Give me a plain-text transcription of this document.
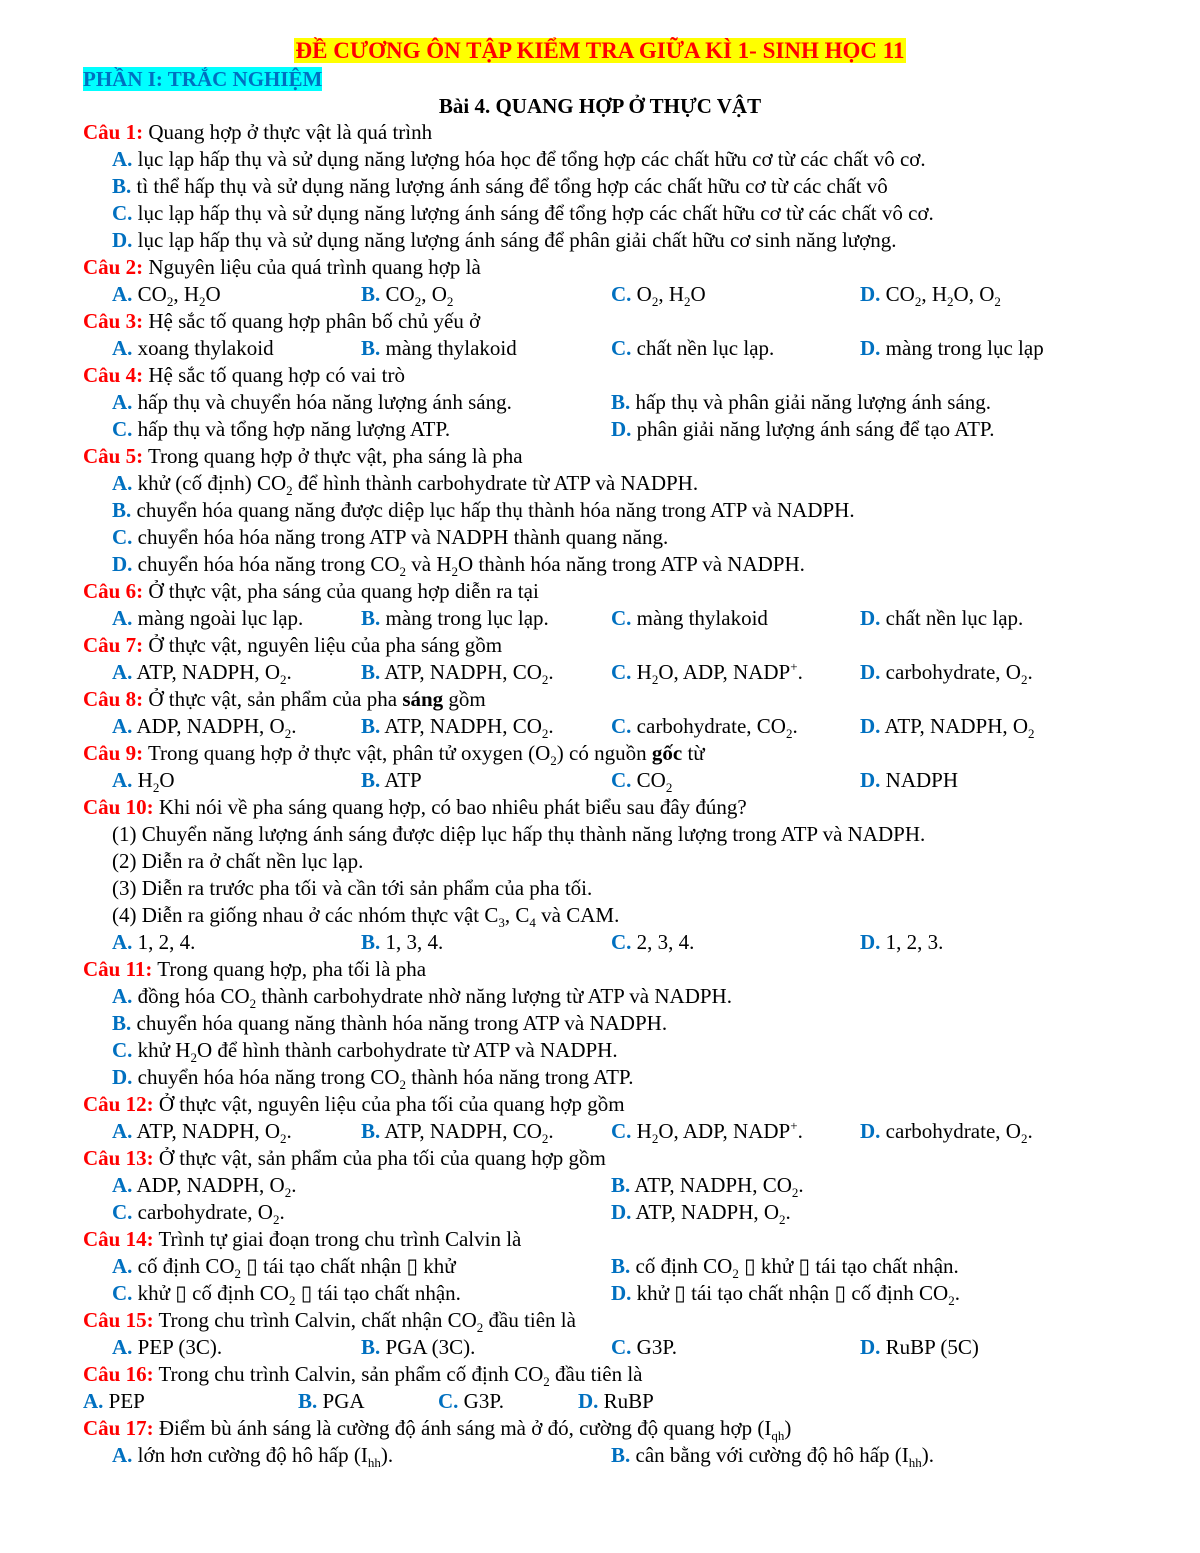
ĐỀ CƯƠNG ÔN TẬP KIỂM TRA GIỮA KÌ 1- SINH HỌC 11
PHẦN I: TRẮC NGHIỆM
Bài 4. QUANG HỢP Ở THỰC VẬT
Câu 1: Quang hợp ở thực vật là quá trình
A. lục lạp hấp thụ và sử dụng năng lượng hóa học để tổng hợp các chất hữu cơ từ các chất vô cơ.
B. tì thể hấp thụ và sử dụng năng lượng ánh sáng để tổng hợp các chất hữu cơ từ các chất vô
C. lục lạp hấp thụ và sử dụng năng lượng ánh sáng để tổng hợp các chất hữu cơ từ các chất vô cơ.
D. lục lạp hấp thụ và sử dụng năng lượng ánh sáng để phân giải chất hữu cơ sinh năng lượng.
Câu 2: Nguyên liệu của quá trình quang hợp là
A. $CO_2$, $H_2O$	B. $CO_2$, $O_2$	C. $O_2$, $H_2O$	D. $CO_2$, $H_2O$, $O_2$
Câu 3: Hệ sắc tố quang hợp phân bố chủ yếu ở
A. xoang thylakoid	B. màng thylakoid	C. chất nền lục lạp.	D. màng trong lục lạp
Câu 4: Hệ sắc tố quang hợp có vai trò
A. hấp thụ và chuyển hóa năng lượng ánh sáng.	B. hấp thụ và phân giải năng lượng ánh sáng.
C. hấp thụ và tổng hợp năng lượng ATP.	D. phân giải năng lượng ánh sáng để tạo ATP.
Câu 5: Trong quang hợp ở thực vật, pha sáng là pha
A. khử (cố định) $CO_2$ để hình thành carbohydrate từ ATP và NADPH.
B. chuyển hóa quang năng được diệp lục hấp thụ thành hóa năng trong ATP và NADPH.
C. chuyển hóa hóa năng trong ATP và NADPH thành quang năng.
D. chuyển hóa hóa năng trong $CO_2$ và $H_2O$ thành hóa năng trong ATP và NADPH.
Câu 6: Ở thực vật, pha sáng của quang hợp diễn ra tại
A. màng ngoài lục lạp.	B. màng trong lục lạp.	C. màng thylakoid	D. chất nền lục lạp.
Câu 7: Ở thực vật, nguyên liệu của pha sáng gồm
A. ATP, NADPH, $O_2$.	B. ATP, NADPH, $CO_2$.	C. $H_2O$, ADP, NADP+.	D. carbohydrate, $O_2$.
Câu 8: Ở thực vật, sản phẩm của pha sáng gồm
A. ADP, NADPH, $O_2$.	B. ATP, NADPH, $CO_2$.	C. carbohydrate, $CO_2$.	D. ATP, NADPH, $O_2$
Câu 9: Trong quang hợp ở thực vật, phân tử oxygen $(O_2)$ có nguồn gốc từ
A. $H_2O$	B. ATP	C. $CO_2$	D. NADPH
Câu 10: Khi nói về pha sáng quang hợp, có bao nhiêu phát biểu sau đây đúng?
(1) Chuyển năng lượng ánh sáng được diệp lục hấp thụ thành năng lượng trong ATP và NADPH.
(2) Diễn ra ở chất nền lục lạp.
(3) Diễn ra trước pha tối và cần tới sản phẩm của pha tối.
(4) Diễn ra giống nhau ở các nhóm thực vật $C_3$, $C_4$ và CAM.
A. 1, 2, 4.	B. 1, 3, 4.	C. 2, 3, 4.	D. 1, 2, 3.
Câu 11: Trong quang hợp, pha tối là pha
A. đồng hóa $CO_2$ thành carbohydrate nhờ năng lượng từ ATP và NADPH.
B. chuyển hóa quang năng thành hóa năng trong ATP và NADPH.
C. khử $H_2O$ để hình thành carbohydrate từ ATP và NADPH.
D. chuyển hóa hóa năng trong $CO_2$ thành hóa năng trong ATP.
Câu 12: Ở thực vật, nguyên liệu của pha tối của quang hợp gồm
A. ATP, NADPH, $O_2$.	B. ATP, NADPH, $CO_2$.	C. $H_2O$, ADP, NADP+.	D. carbohydrate, $O_2$.
Câu 13: Ở thực vật, sản phẩm của pha tối của quang hợp gồm
A. ADP, NADPH, $O_2$.	B. ATP, NADPH, $CO_2$.
C. carbohydrate, $O_2$.	D. ATP, NADPH, $O_2$.
Câu 14: Trình tự giai đoạn trong chu trình Calvin là
A. cố định $CO_2$ ▯ tái tạo chất nhận ▯ khử	B. cố định $CO_2$ ▯ khử ▯ tái tạo chất nhận.
C. khử ▯ cố định $CO_2$ ▯ tái tạo chất nhận.	D. khử ▯ tái tạo chất nhận ▯ cố định $CO_2$.
Câu 15: Trong chu trình Calvin, chất nhận $CO_2$ đầu tiên là
A. PEP (3C).	B. PGA (3C).	C. G3P.	D. RuBP (5C)
Câu 16: Trong chu trình Calvin, sản phẩm cố định $CO_2$ đầu tiên là
A. PEP	B. PGA	C. G3P.	D. RuBP
Câu 17: Điểm bù ánh sáng là cường độ ánh sáng mà ở đó, cường độ quang hợp $(I_{qh})$
A. lớn hơn cường độ hô hấp $(I_{hh})$.	B. cân bằng với cường độ hô hấp $(I_{hh})$.
